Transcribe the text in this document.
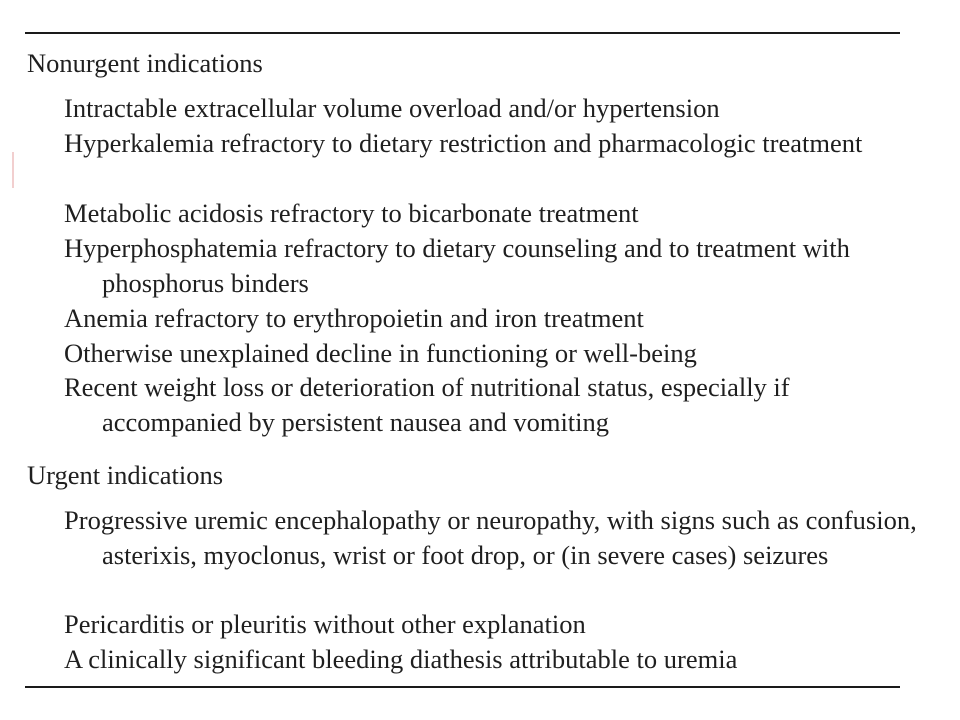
Nonurgent indications
Intractable extracellular volume overload and/or hypertension
Hyperkalemia refractory to dietary restriction and pharmacologic treatment
Metabolic acidosis refractory to bicarbonate treatment
Hyperphosphatemia refractory to dietary counseling and to treatment with phosphorus binders
Anemia refractory to erythropoietin and iron treatment
Otherwise unexplained decline in functioning or well-being
Recent weight loss or deterioration of nutritional status, especially if accompanied by persistent nausea and vomiting
Urgent indications
Progressive uremic encephalopathy or neuropathy, with signs such as confusion, asterixis, myoclonus, wrist or foot drop, or (in severe cases) seizures
Pericarditis or pleuritis without other explanation
A clinically significant bleeding diathesis attributable to uremia
